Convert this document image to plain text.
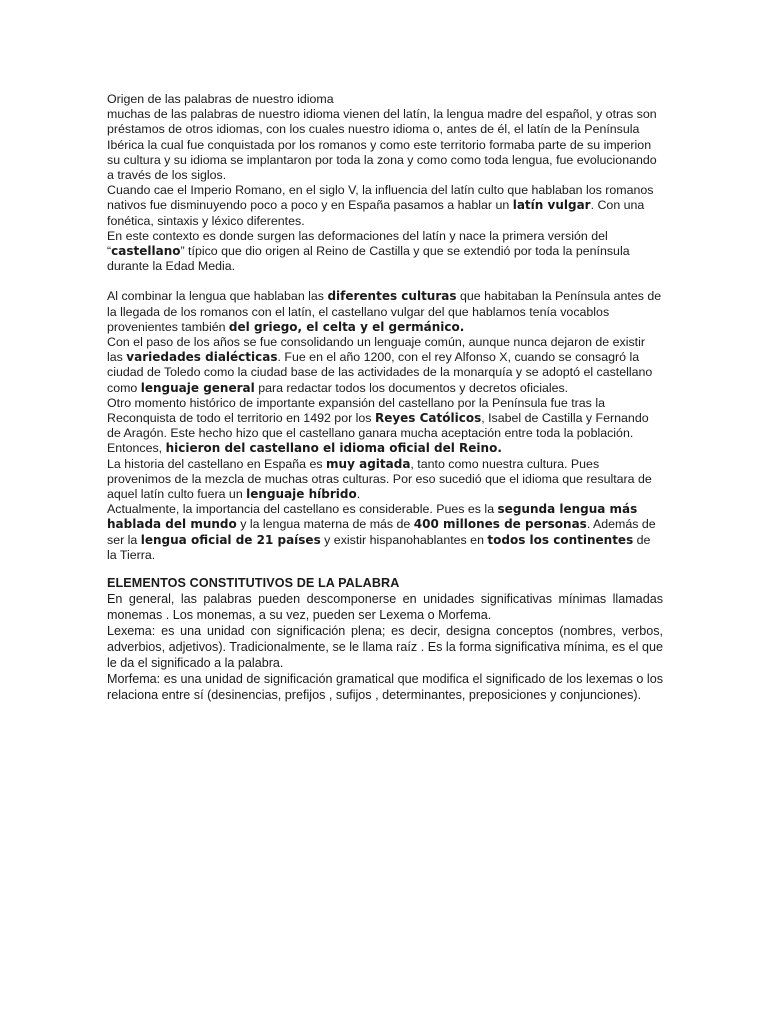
Origen de las palabras de nuestro idioma

muchas de las palabras de nuestro idioma vienen del latín, la lengua madre del español, y otras son préstamos de otros idiomas, con los cuales nuestro idioma o, antes de él, el latín de la Península Ibérica la cual fue conquistada por los romanos y como este territorio formaba parte de su imperion su cultura y su idioma se implantaron por toda la zona y como como toda lengua, fue evolucionando a través de los siglos.

Cuando cae el Imperio Romano, en el siglo V, la influencia del latín culto que hablaban los romanos nativos fue disminuyendo poco a poco y en España pasamos a hablar un latín vulgar. Con una fonética, sintaxis y léxico diferentes.

En este contexto es donde surgen las deformaciones del latín y nace la primera versión del “castellano” típico que dio origen al Reino de Castilla y que se extendió por toda la península durante la Edad Media.

Al combinar la lengua que hablaban las diferentes culturas que habitaban la Península antes de la llegada de los romanos con el latín, el castellano vulgar del que hablamos tenía vocablos provenientes también del griego, el celta y el germánico.

Con el paso de los años se fue consolidando un lenguaje común, aunque nunca dejaron de existir las variedades dialécticas. Fue en el año 1200, con el rey Alfonso X, cuando se consagró la ciudad de Toledo como la ciudad base de las actividades de la monarquía y se adoptó el castellano como lenguaje general para redactar todos los documentos y decretos oficiales.

Otro momento histórico de importante expansión del castellano por la Península fue tras la Reconquista de todo el territorio en 1492 por los Reyes Católicos, Isabel de Castilla y Fernando de Aragón. Este hecho hizo que el castellano ganara mucha aceptación entre toda la población. Entonces, hicieron del castellano el idioma oficial del Reino.

La historia del castellano en España es muy agitada, tanto como nuestra cultura. Pues provenimos de la mezcla de muchas otras culturas. Por eso sucedió que el idioma que resultara de aquel latín culto fuera un lenguaje híbrido.

Actualmente, la importancia del castellano es considerable. Pues es la segunda lengua más hablada del mundo y la lengua materna de más de 400 millones de personas. Además de ser la lengua oficial de 21 países y existir hispanohablantes en todos los continentes de la Tierra.

ELEMENTOS CONSTITUTIVOS DE LA PALABRA

En general, las palabras pueden descomponerse en unidades significativas mínimas llamadas monemas . Los monemas, a su vez, pueden ser Lexema o Morfema.

Lexema: es una unidad con significación plena; es decir, designa conceptos (nombres, verbos, adverbios, adjetivos). Tradicionalmente, se le llama raíz . Es la forma significativa mínima, es el que le da el significado a la palabra.

Morfema: es una unidad de significación gramatical que modifica el significado de los lexemas o los relaciona entre sí (desinencias, prefijos , sufijos , determinantes, preposiciones y conjunciones).
